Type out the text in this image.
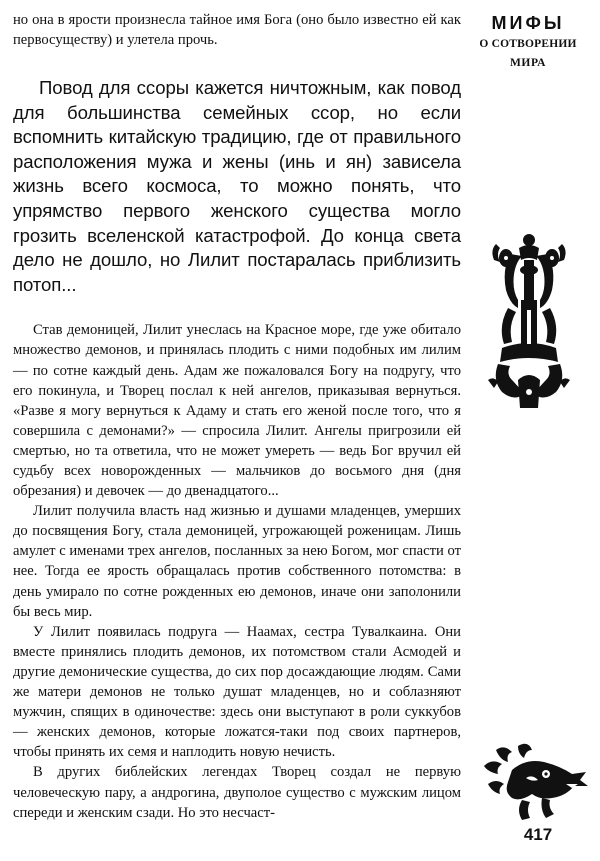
но она в ярости произнесла тайное имя Бога (оно было известно ей как первосуществу) и улетела прочь.

Повод для ссоры кажется ничтожным, как повод для большинства семейных ссор, но если вспомнить китайскую традицию, где от правильного расположения мужа и жены (инь и ян) зависела жизнь всего космоса, то можно понять, что упрямство первого женского существа могло грозить вселенской катастрофой. До конца света дело не дошло, но Лилит постаралась приблизить потоп...

Став демоницей, Лилит унеслась на Красное море, где уже обитало множество демонов, и принялась плодить с ними подобных им лилим — по сотне каждый день. Адам же пожаловался Богу на подругу, что его покинула, и Творец послал к ней ангелов, приказывая вернуться. «Разве я могу вернуться к Адаму и стать его женой после того, что я совершила с демонами?» — спросила Лилит. Ангелы пригрозили ей смертью, но та ответила, что не может умереть — ведь Бог вручил ей судьбу всех новорожденных — мальчиков до восьмого дня (дня обрезания) и девочек — до двенадцатого...

Лилит получила власть над жизнью и душами младенцев, умерших до посвящения Богу, стала демоницей, угрожающей роженицам. Лишь амулет с именами трех ангелов, посланных за нею Богом, мог спасти от нее. Тогда ее ярость обращалась против собственного потомства: в день умирало по сотне рожденных ею демонов, иначе они заполонили бы весь мир.

У Лилит появилась подруга — Наамах, сестра Тувалкаина. Они вместе принялись плодить демонов, их потомством стали Асмодей и другие демонические существа, до сих пор досаждающие людям. Сами же матери демонов не только душат младенцев, но и соблазняют мужчин, спящих в одиночестве: здесь они выступают в роли суккубов — женских демонов, которые ложатся-таки под своих партнеров, чтобы принять их семя и наплодить новую нечисть.

В других библейских легендах Творец создал не первую человеческую пару, а андрогина, двуполое существо с мужским лицом спереди и женским сзади. Но это несчаст-

МИФЫ
О СОТВОРЕНИИ
МИРА
417
